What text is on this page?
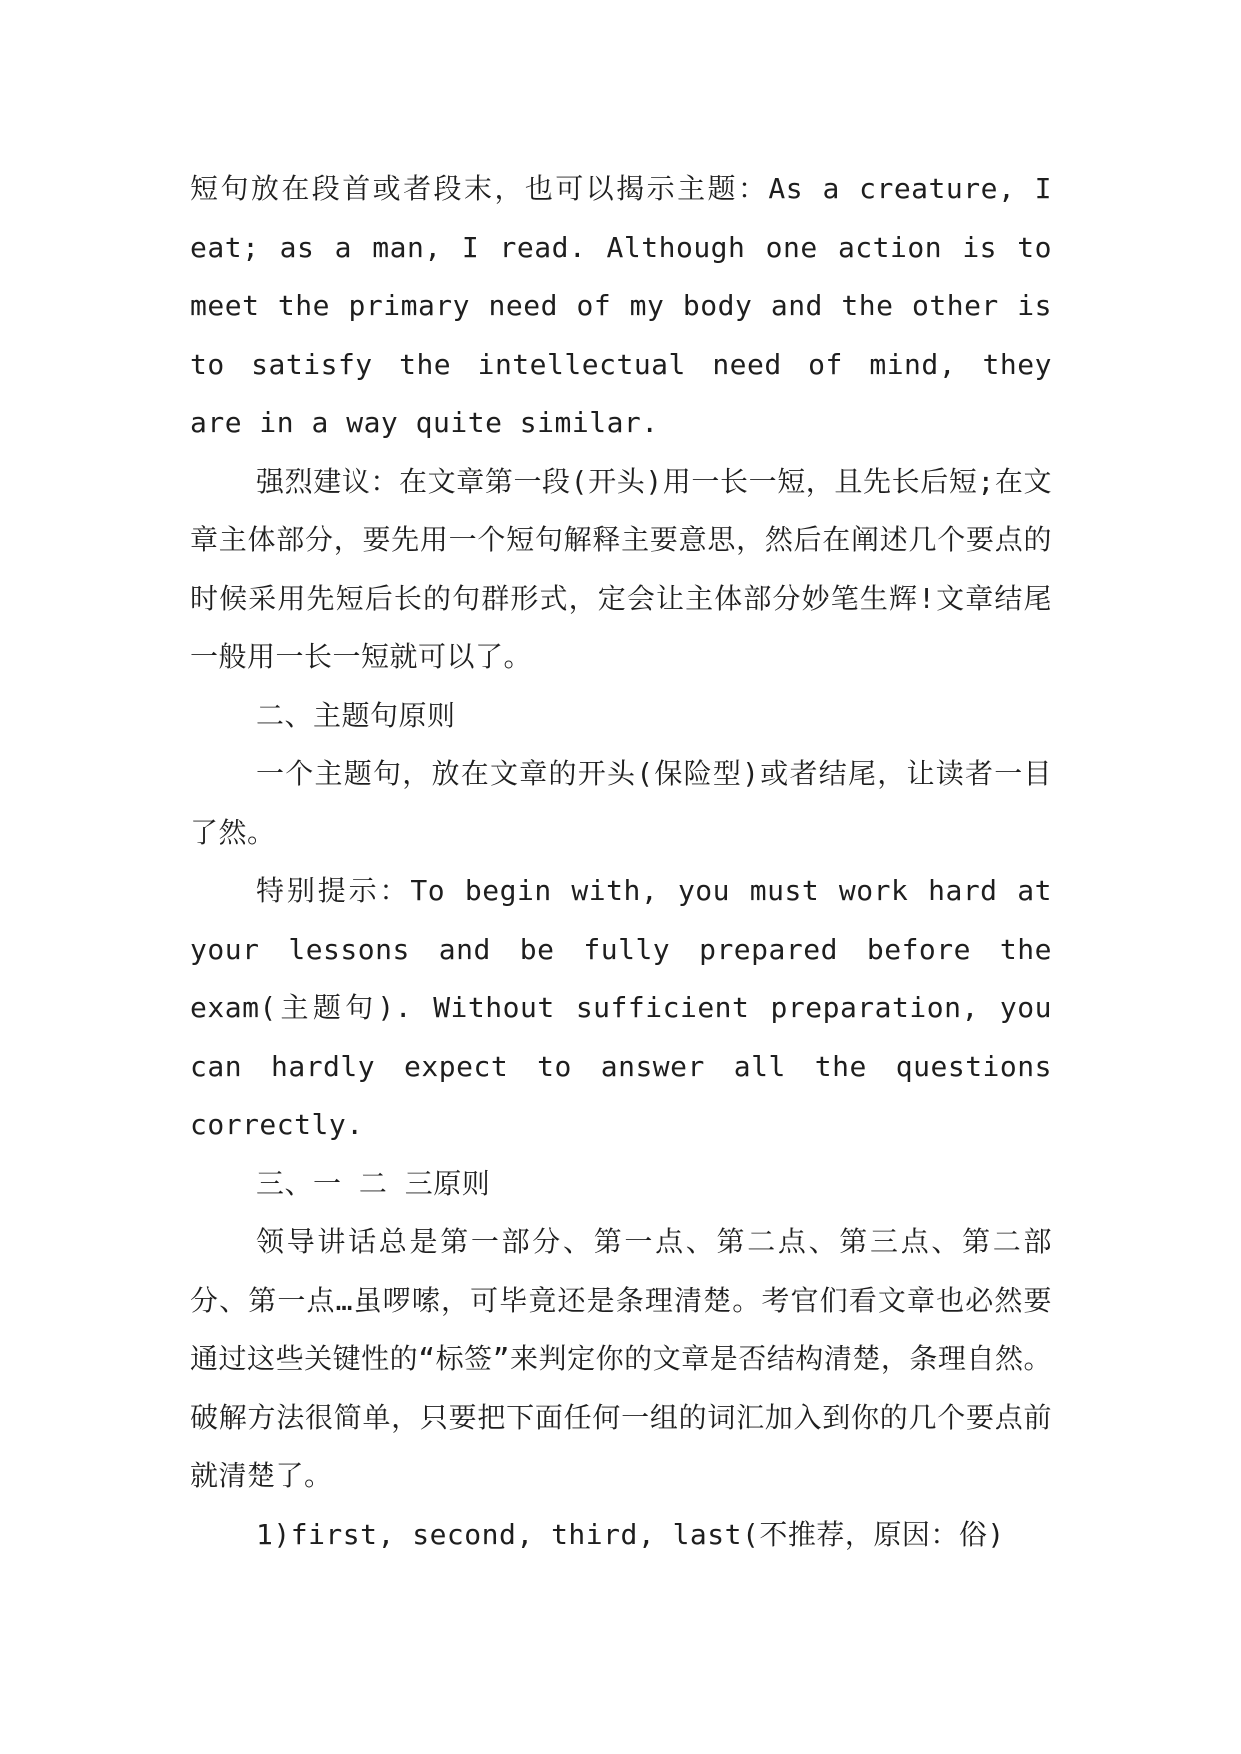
短句放在段首或者段末，也可以揭示主题：As a creature, I eat; as a man, I read. Although one action is to meet the primary need of my body and the other is to satisfy the intellectual need of mind, they are in a way quite similar.

强烈建议：在文章第一段(开头)用一长一短，且先长后短;在文章主体部分，要先用一个短句解释主要意思，然后在阐述几个要点的时候采用先短后长的句群形式，定会让主体部分妙笔生辉!文章结尾一般用一长一短就可以了。

二、主题句原则

一个主题句，放在文章的开头(保险型)或者结尾，让读者一目了然。

特别提示：To begin with, you must work hard at your lessons and be fully prepared before the exam(主题句). Without sufficient preparation, you can hardly expect to answer all the questions correctly.

三、一 二 三原则

领导讲话总是第一部分、第一点、第二点、第三点、第二部分、第一点…虽啰嗦，可毕竟还是条理清楚。考官们看文章也必然要通过这些关键性的“标签”来判定你的文章是否结构清楚，条理自然。破解方法很简单，只要把下面任何一组的词汇加入到你的几个要点前就清楚了。

1)first, second, third, last(不推荐，原因：俗)
